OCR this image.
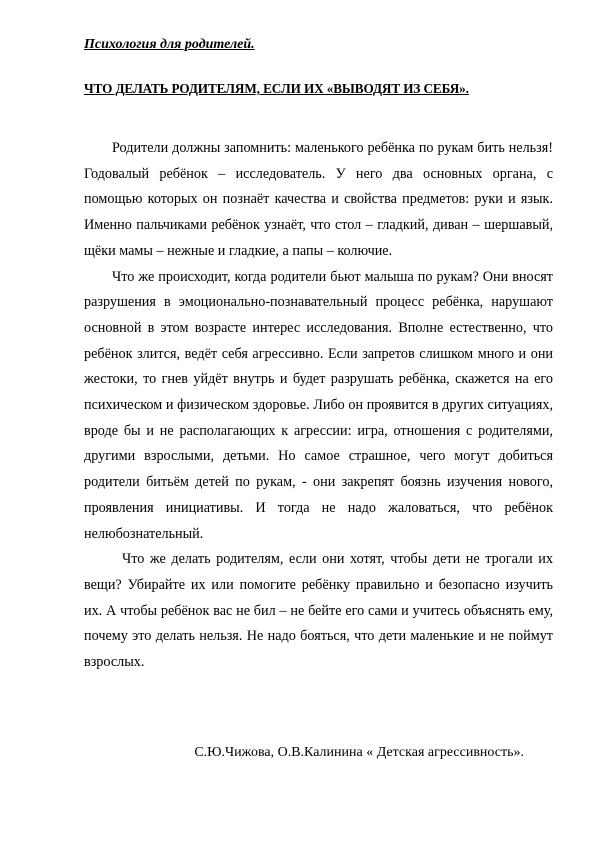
Психология для родителей.
ЧТО ДЕЛАТЬ РОДИТЕЛЯМ, ЕСЛИ ИХ «ВЫВОДЯТ ИЗ СЕБЯ».

Родители должны запомнить: маленького ребёнка по рукам бить нельзя! Годовалый ребёнок – исследователь. У него два основных органа, с помощью которых он познаёт качества и свойства предметов: руки и язык. Именно пальчиками ребёнок узнаёт, что стол – гладкий, диван – шершавый, щёки мамы – нежные и гладкие, а папы – колючие.

Что же происходит, когда родители бьют малыша по рукам? Они вносят разрушения в эмоционально-познавательный процесс ребёнка, нарушают основной в этом возрасте интерес исследования. Вполне естественно, что ребёнок злится, ведёт себя агрессивно. Если запретов слишком много и они жестоки, то гнев уйдёт внутрь и будет разрушать ребёнка, скажется на его психическом и физическом здоровье. Либо он проявится в других ситуациях, вроде бы и не располагающих к агрессии: игра, отношения с родителями, другими взрослыми, детьми. Но самое страшное, чего могут добиться родители битьём детей по рукам, - они закрепят боязнь изучения нового, проявления инициативы. И тогда не надо жаловаться, что ребёнок нелюбознательный.

Что же делать родителям, если они хотят, чтобы дети не трогали их вещи? Убирайте их или помогите ребёнку правильно и безопасно изучить их. А чтобы ребёнок вас не бил – не бейте его сами и учитесь объяснять ему, почему это делать нельзя. Не надо бояться, что дети маленькие и не поймут взрослых.

С.Ю.Чижова, О.В.Калинина « Детская агрессивность».
